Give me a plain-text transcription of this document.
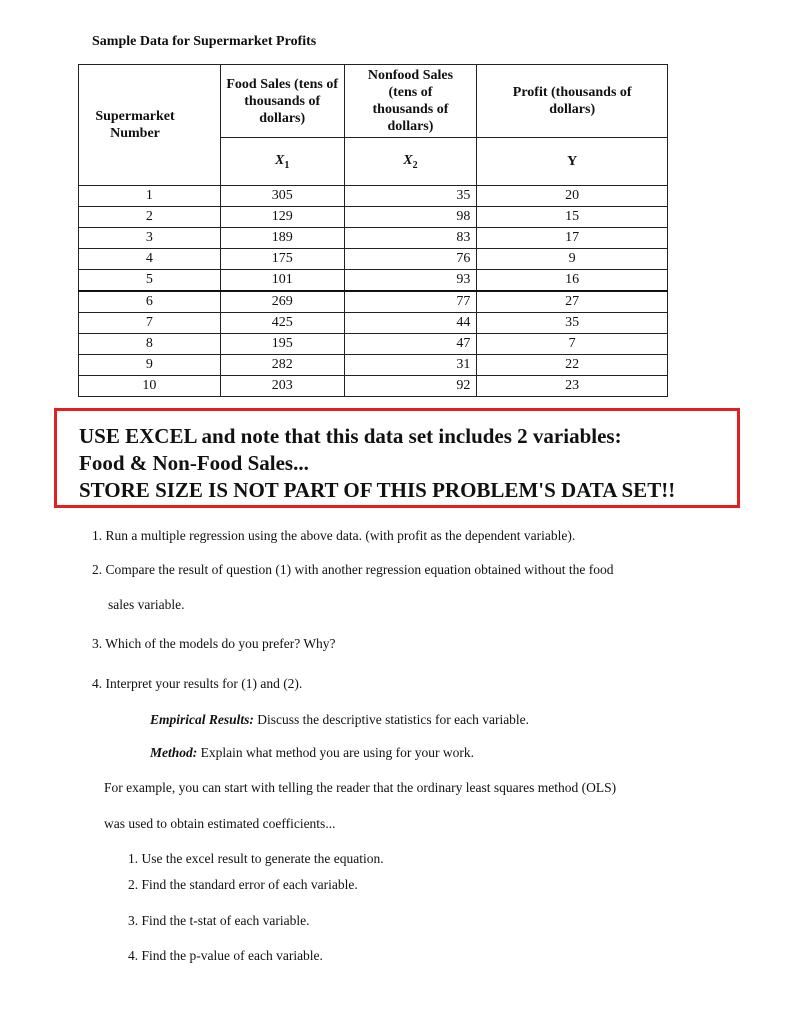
Sample Data for Supermarket Profits
Supermarket Number	Food Sales (tens of thousands of dollars)	Nonfood Sales (tens of thousands of dollars)	Profit (thousands of dollars)

	$X_1$	$X_2$	Y
1	305	35	20
2	129	98	15
3	189	83	17
4	175	76	9
5	101	93	16
6	269	77	27
7	425	44	35
8	195	47	7
9	282	31	22
10	203	92	23
USE EXCEL and note that this data set includes 2 variables:
Food & Non-Food Sales...
STORE SIZE IS NOT PART OF THIS PROBLEM'S DATA SET!!
1. Run a multiple regression using the above data. (with profit as the dependent variable).
2. Compare the result of question (1) with another regression equation obtained without the food
sales variable.
3. Which of the models do you prefer? Why?
4. Interpret your results for (1) and (2).
Empirical Results: Discuss the descriptive statistics for each variable.
Method: Explain what method you are using for your work.
For example, you can start with telling the reader that the ordinary least squares method (OLS)
was used to obtain estimated coefficients...
1. Use the excel result to generate the equation.
2. Find the standard error of each variable.
3. Find the t-stat of each variable.
4. Find the p-value of each variable.
